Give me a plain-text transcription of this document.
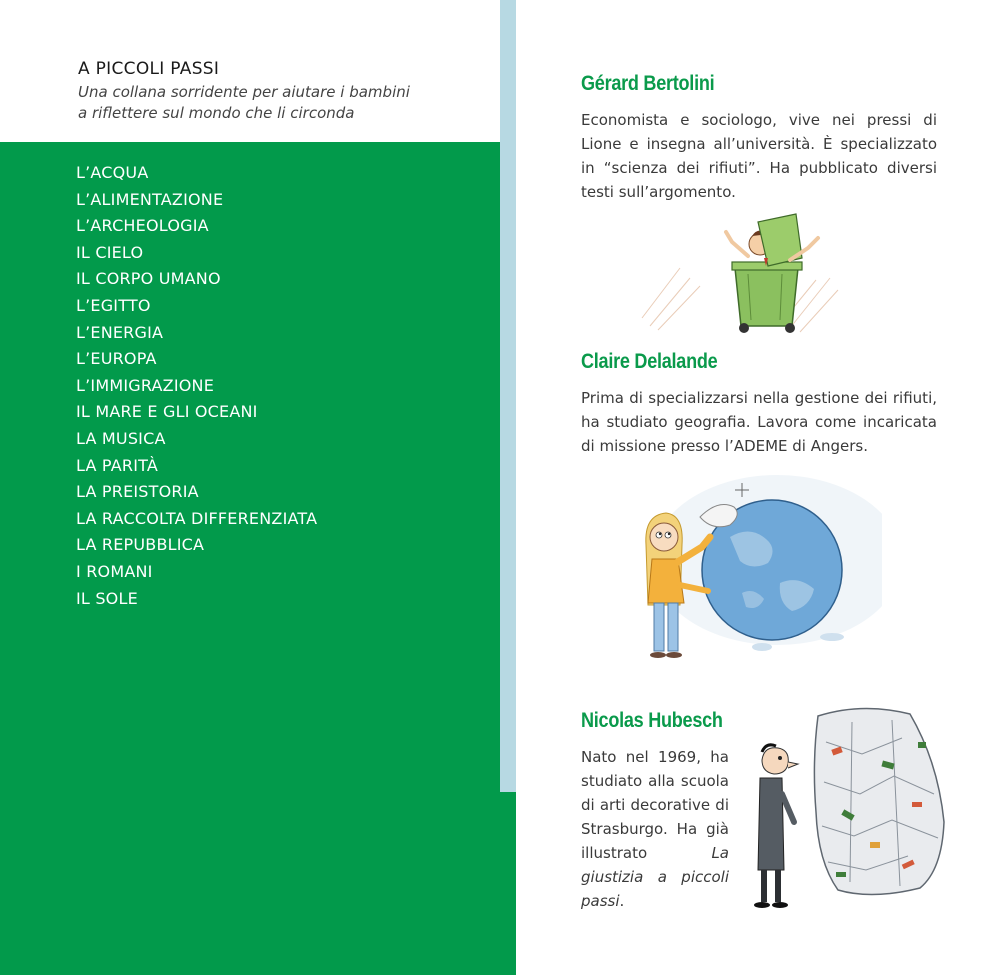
A PICCOLI PASSI

Una collana sorridente per aiutare i bambini
a riflettere sul mondo che li circonda

L’ACQUA
L’ALIMENTAZIONE
L’ARCHEOLOGIA
IL CIELO
IL CORPO UMANO
L’EGITTO
L’ENERGIA
L’EUROPA
L’IMMIGRAZIONE
IL MARE E GLI OCEANI
LA MUSICA
LA PARITÀ
LA PREISTORIA
LA RACCOLTA DIFFERENZIATA
LA REPUBBLICA
I ROMANI
IL SOLE
Gérard Bertolini

Economista e sociologo, vive nei pressi di Lione e insegna all’università. È specializzato in “scienza dei rifiuti”. Ha pubblicato diversi testi sull’argomento.

Claire Delalande

Prima di specializzarsi nella gestione dei rifiuti, ha studiato geografia. Lavora come incaricata di missione presso l’ADEME di Angers.

Nicolas Hubesch

Nato nel 1969, ha studiato alla scuola di arti decorative di Strasburgo. Ha già illustrato La giustizia a piccoli passi.
